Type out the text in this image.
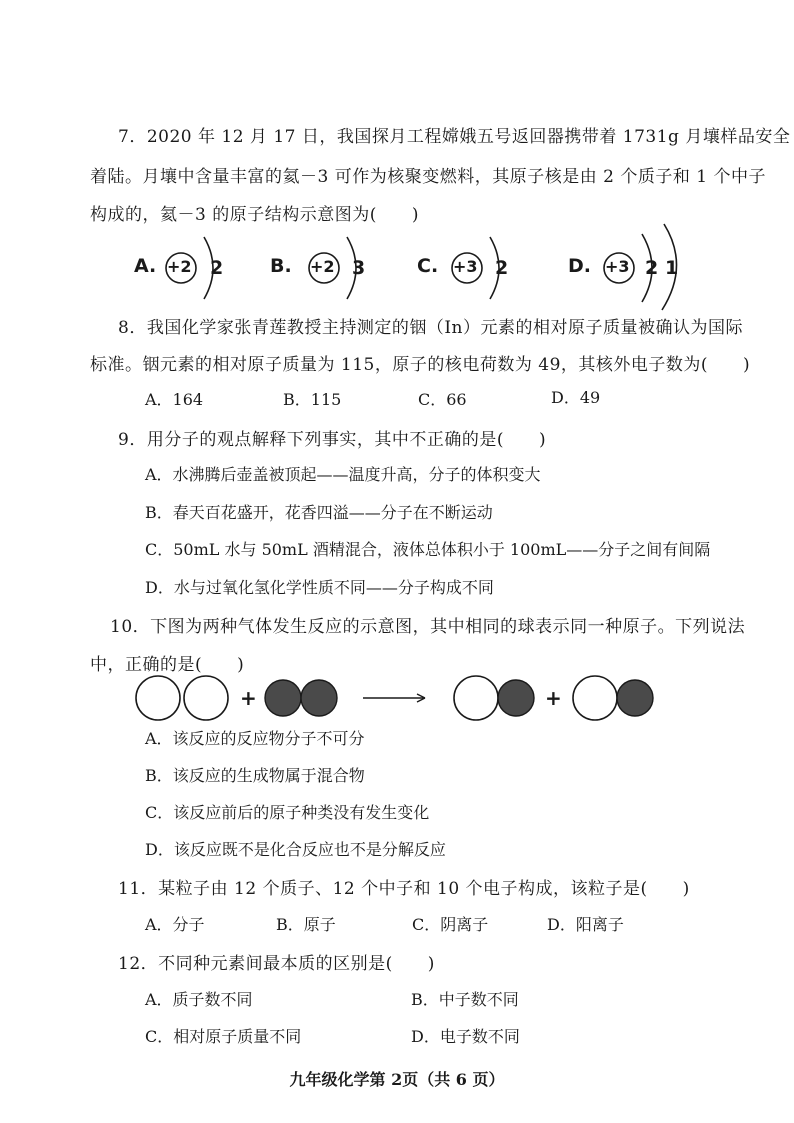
7．2020 年 12 月 17 日，我国探月工程嫦娥五号返回器携带着 1731g 月壤样品安全
着陆。月壤中含量丰富的氦－3 可作为核聚变燃料，其原子核是由 2 个质子和 1 个中子
构成的，氦－3 的原子结构示意图为(　　)
A. +2 2 B. +2 3	C. +3 2	D. +3 2 1
8．我国化学家张青莲教授主持测定的铟（In）元素的相对原子质量被确认为国际
标准。铟元素的相对原子质量为 115，原子的核电荷数为 49，其核外电子数为(　　)
A．164	B．115	C．66	D．49
9．用分子的观点解释下列事实，其中不正确的是(　　)
A．水沸腾后壶盖被顶起——温度升高，分子的体积变大
B．春天百花盛开，花香四溢——分子在不断运动
C．50mL 水与 50mL 酒精混合，液体总体积小于 100mL——分子之间有间隔
D．水与过氧化氢化学性质不同——分子构成不同
10．下图为两种气体发生反应的示意图，其中相同的球表示同一种原子。下列说法
中，正确的是(　　)
+	+
A．该反应的反应物分子不可分
B．该反应的生成物属于混合物
C．该反应前后的原子种类没有发生变化
D．该反应既不是化合反应也不是分解反应
11．某粒子由 12 个质子、12 个中子和 10 个电子构成，该粒子是(　　)
A．分子	B．原子	C．阴离子	D．阳离子
12．不同种元素间最本质的区别是(　　)
A．质子数不同	B．中子数不同
C．相对原子质量不同	D．电子数不同
九年级化学第 2页（共 6 页）
